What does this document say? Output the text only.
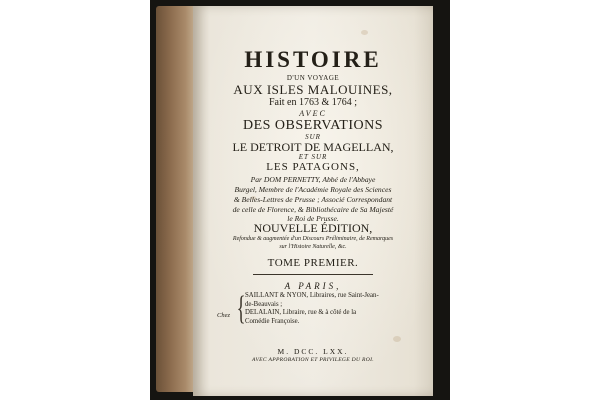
HISTOIRE
D'UN VOYAGE
AUX ISLES MALOUINES,
Fait en 1763 & 1764 ;
AVEC
DES OBSERVATIONS
SUR
LE DETROIT DE MAGELLAN,
ET SUR
LES PATAGONS,
Par DOM PERNETTY, Abbé de l'Abbaye
Burgel, Membre de l'Académie Royale des Sciences
& Belles-Lettres de Prusse ; Associé Correspondant
de celle de Florence, & Bibliothécaire de Sa Majesté
le Roi de Prusse.
NOUVELLE ÉDITION,
Refondue & augmentée d'un Discours Préliminaire, de Remarques
sur l'Histoire Naturelle, &c.
TOME PREMIER.
A PARIS,
Chez { SAILLANT & NYON, Libraires, rue Saint-Jean-
de-Beauvais ;
DELALAIN, Libraire, rue & à côté de la
Comédie Françoise.
M. DCC. LXX.
AVEC APPROBATION ET PRIVILEGE DU ROI.
